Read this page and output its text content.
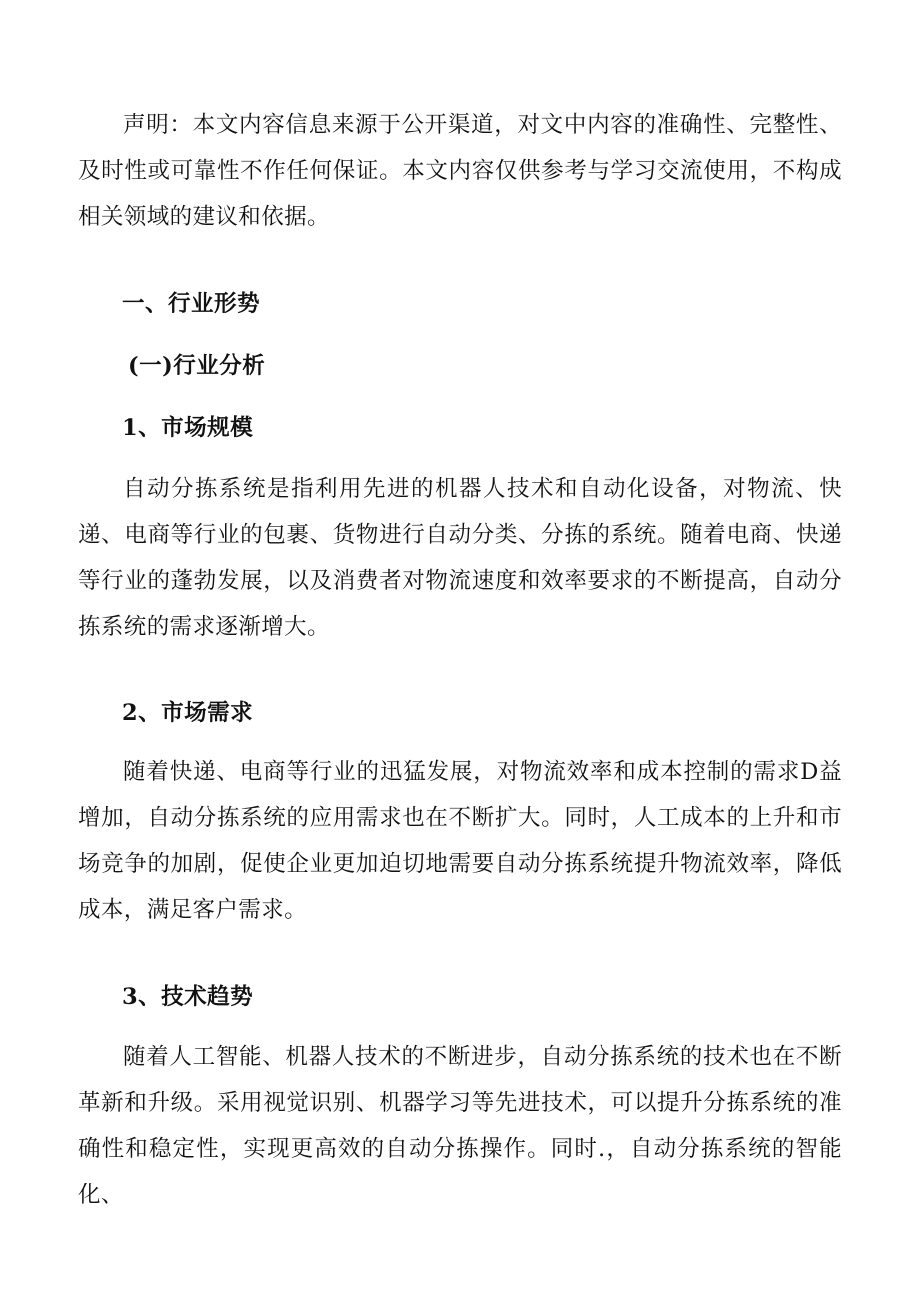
声明：本文内容信息来源于公开渠道，对文中内容的准确性、完整性、及时性或可靠性不作任何保证。本文内容仅供参考与学习交流使用，不构成相关领域的建议和依据。

一、行业形势
(一)行业分析
1、市场规模

自动分拣系统是指利用先进的机器人技术和自动化设备，对物流、快递、电商等行业的包裹、货物进行自动分类、分拣的系统。随着电商、快递等行业的蓬勃发展，以及消费者对物流速度和效率要求的不断提高，自动分拣系统的需求逐渐增大。

2、市场需求

随着快递、电商等行业的迅猛发展，对物流效率和成本控制的需求D益增加，自动分拣系统的应用需求也在不断扩大。同时，人工成本的上升和市场竞争的加剧，促使企业更加迫切地需要自动分拣系统提升物流效率，降低成本，满足客户需求。

3、技术趋势

随着人工智能、机器人技术的不断进步，自动分拣系统的技术也在不断革新和升级。采用视觉识别、机器学习等先进技术，可以提升分拣系统的准确性和稳定性，实现更高效的自动分拣操作。同时.，自动分拣系统的智能化、
